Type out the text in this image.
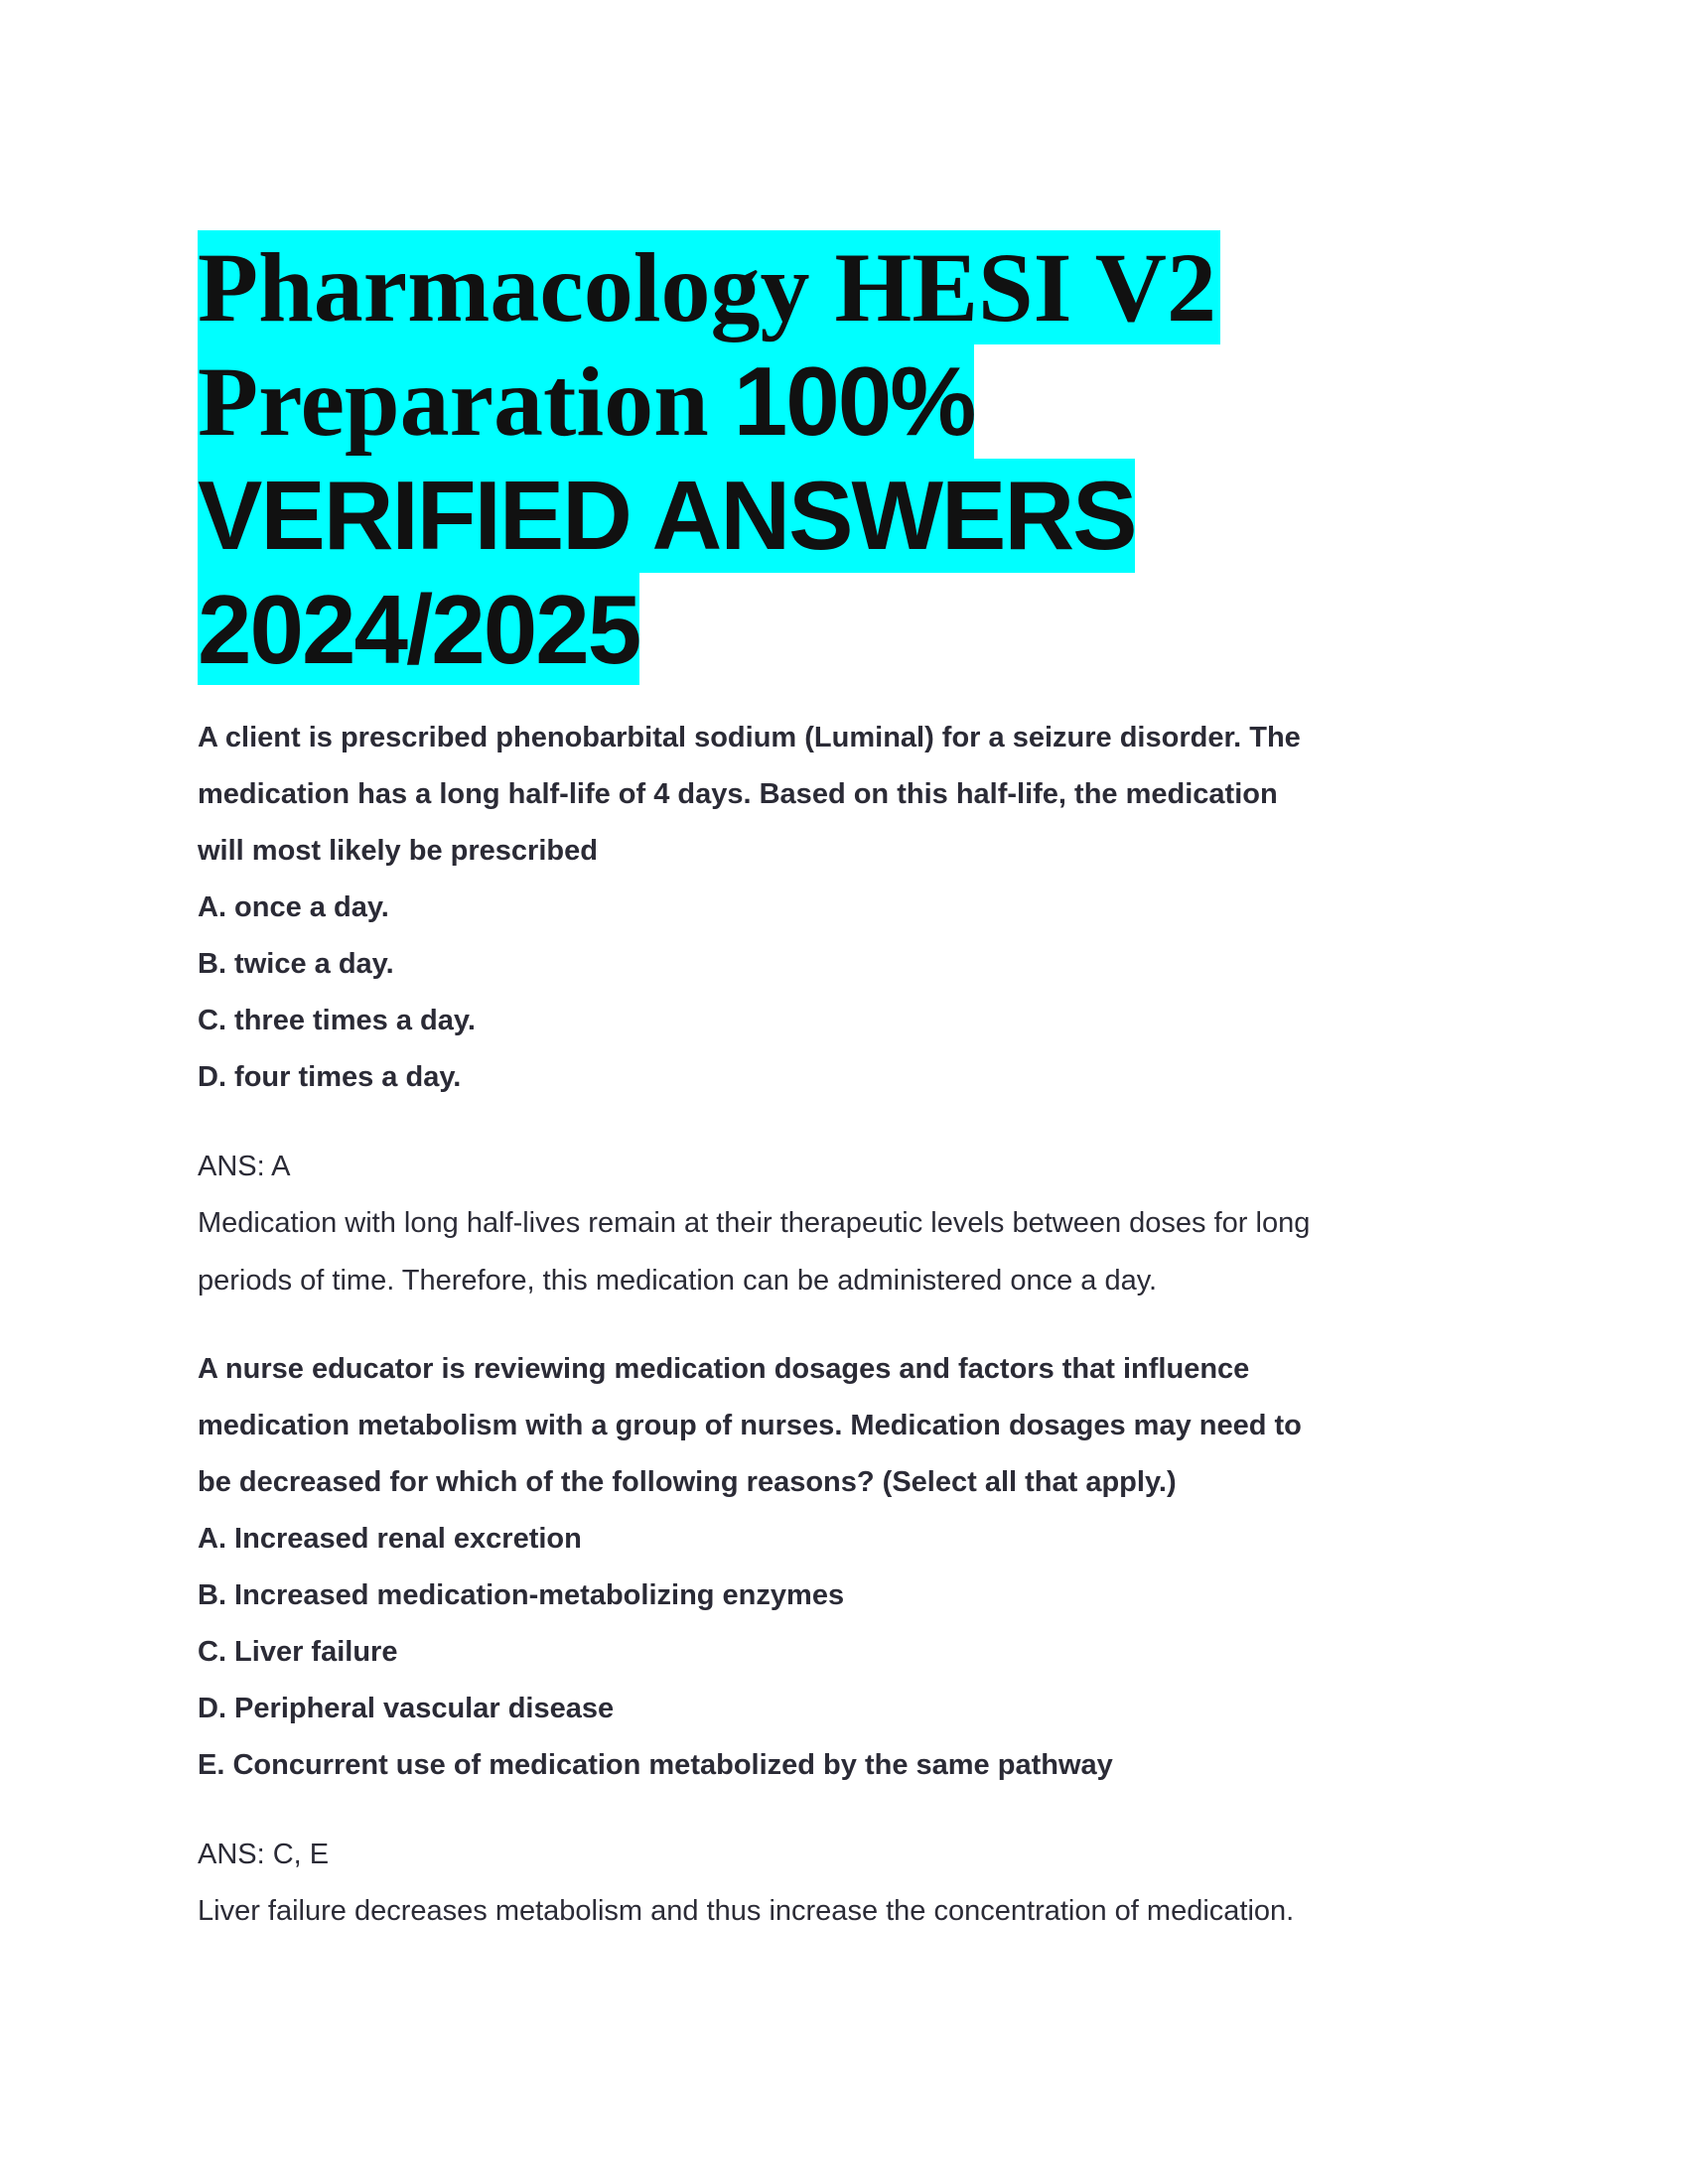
Pharmacology HESI V2
Preparation 100%
VERIFIED ANSWERS
2024/2025
A client is prescribed phenobarbital sodium (Luminal) for a seizure disorder. The
medication has a long half-life of 4 days. Based on this half-life, the medication
will most likely be prescribed
A. once a day.
B. twice a day.
C. three times a day.
D. four times a day.
ANS: A
Medication with long half-lives remain at their therapeutic levels between doses for long
periods of time. Therefore, this medication can be administered once a day.
A nurse educator is reviewing medication dosages and factors that influence
medication metabolism with a group of nurses. Medication dosages may need to
be decreased for which of the following reasons? (Select all that apply.)
A. Increased renal excretion
B. Increased medication-metabolizing enzymes
C. Liver failure
D. Peripheral vascular disease
E. Concurrent use of medication metabolized by the same pathway
ANS: C, E
Liver failure decreases metabolism and thus increase the concentration of medication.
